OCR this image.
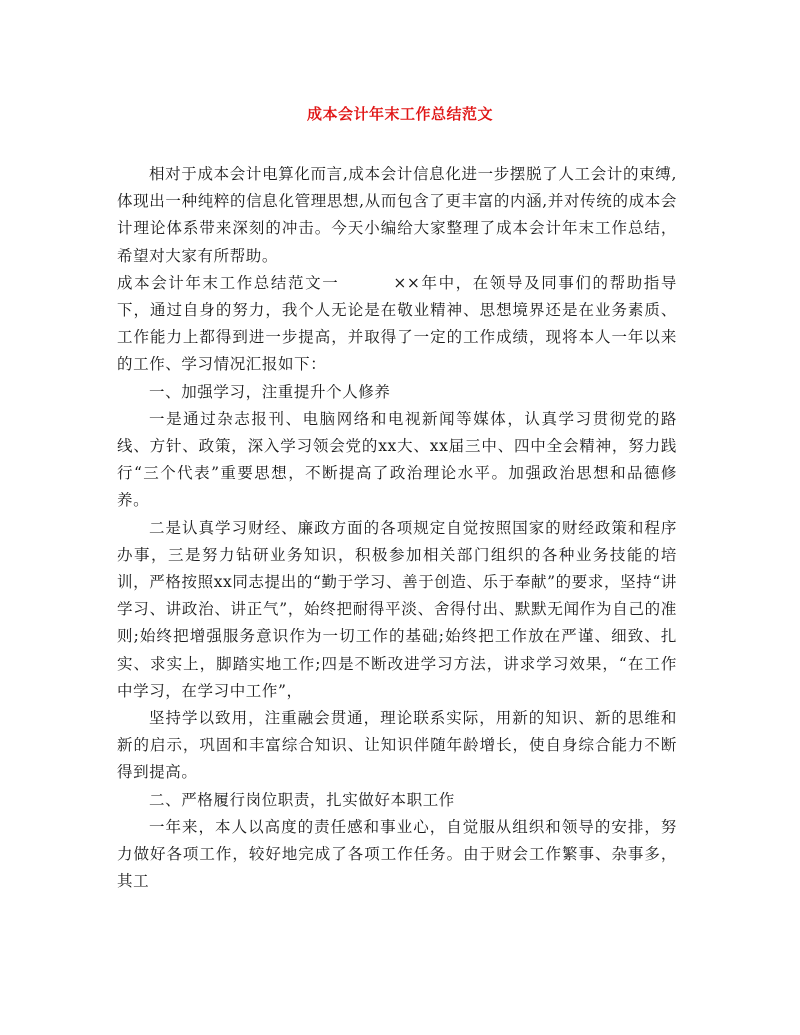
成本会计年末工作总结范文

相对于成本会计电算化而言,成本会计信息化进一步摆脱了人工会计的束缚,体现出一种纯粹的信息化管理思想,从而包含了更丰富的内涵,并对传统的成本会计理论体系带来深刻的冲击。今天小编给大家整理了成本会计年末工作总结，希望对大家有所帮助。

成本会计年末工作总结范文一	××年中，在领导及同事们的帮助指导下，通过自身的努力，我个人无论是在敬业精神、思想境界还是在业务素质、工作能力上都得到进一步提高，并取得了一定的工作成绩，现将本人一年以来的工作、学习情况汇报如下：

一、加强学习，注重提升个人修养

一是通过杂志报刊、电脑网络和电视新闻等媒体，认真学习贯彻党的路线、方针、政策，深入学习领会党的xx大、xx届三中、四中全会精神，努力践行“三个代表”重要思想，不断提高了政治理论水平。加强政治思想和品德修养。

二是认真学习财经、廉政方面的各项规定自觉按照国家的财经政策和程序办事，三是努力钻研业务知识，积极参加相关部门组织的各种业务技能的培训，严格按照xx同志提出的“勤于学习、善于创造、乐于奉献”的要求，坚持“讲学习、讲政治、讲正气”，始终把耐得平淡、舍得付出、默默无闻作为自己的准则;始终把增强服务意识作为一切工作的基础;始终把工作放在严谨、细致、扎实、求实上，脚踏实地工作;四是不断改进学习方法，讲求学习效果，“在工作中学习，在学习中工作”，

坚持学以致用，注重融会贯通，理论联系实际，用新的知识、新的思维和新的启示，巩固和丰富综合知识、让知识伴随年龄增长，使自身综合能力不断得到提高。

二、严格履行岗位职责，扎实做好本职工作

一年来，本人以高度的责任感和事业心，自觉服从组织和领导的安排，努力做好各项工作，较好地完成了各项工作任务。由于财会工作繁事、杂事多，其工
